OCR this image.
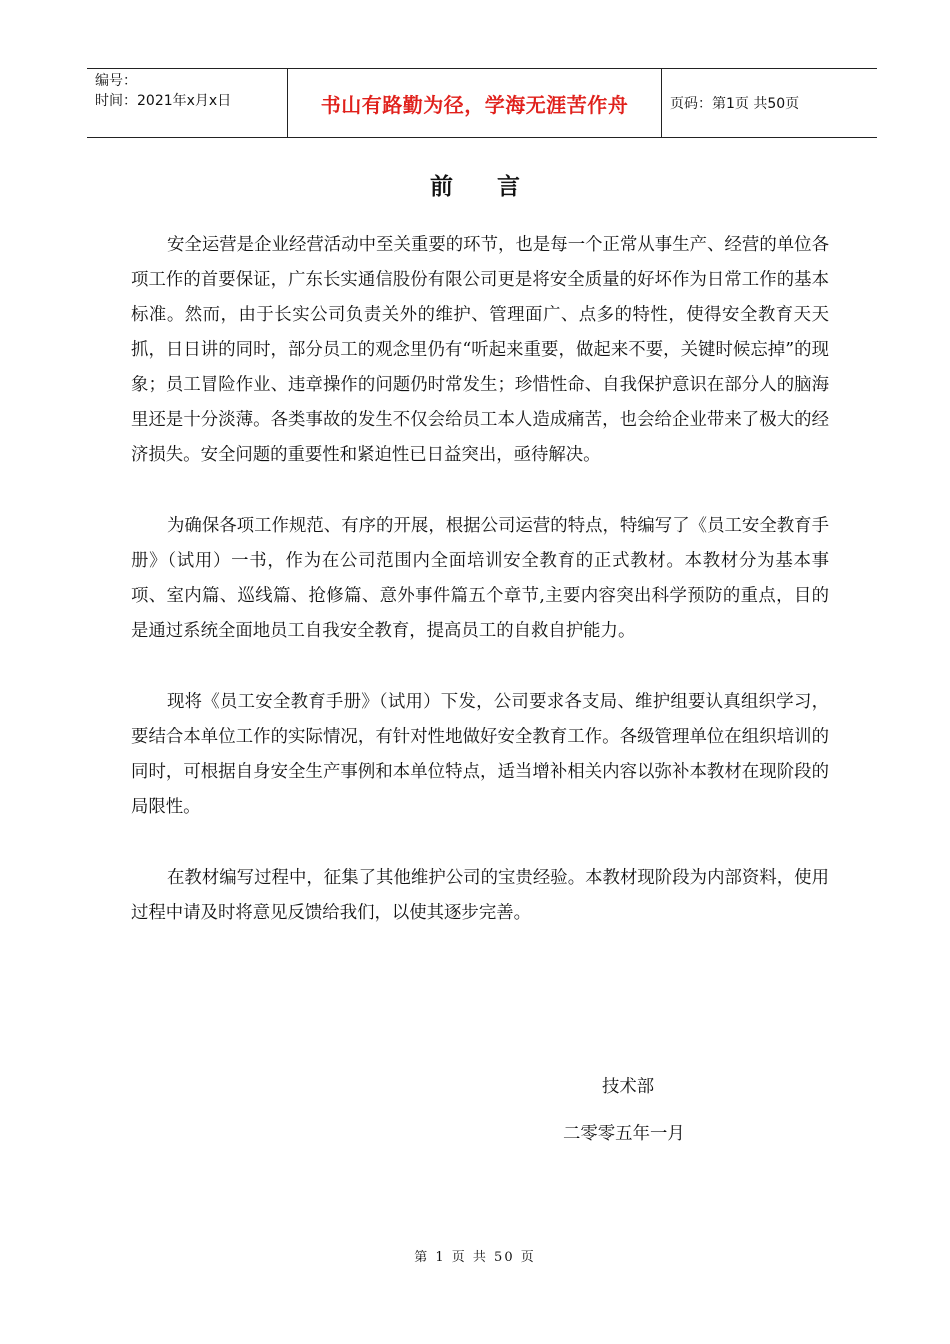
编号：
时间：2021年x月x日	书山有路勤为径，学海无涯苦作舟	页码：第1页 共50页
前言

安全运营是企业经营活动中至关重要的环节，也是每一个正常从事生产、经营的单位各项工作的首要保证，广东长实通信股份有限公司更是将安全质量的好坏作为日常工作的基本标准。然而，由于长实公司负责关外的维护、管理面广、点多的特性，使得安全教育天天抓，日日讲的同时，部分员工的观念里仍有“听起来重要，做起来不要，关键时候忘掉”的现象；员工冒险作业、违章操作的问题仍时常发生；珍惜性命、自我保护意识在部分人的脑海里还是十分淡薄。各类事故的发生不仅会给员工本人造成痛苦，也会给企业带来了极大的经济损失。安全问题的重要性和紧迫性已日益突出，亟待解决。

为确保各项工作规范、有序的开展，根据公司运营的特点，特编写了《员工安全教育手册》（试用）一书，作为在公司范围内全面培训安全教育的正式教材。本教材分为基本事项、室内篇、巡线篇、抢修篇、意外事件篇五个章节,主要内容突出科学预防的重点，目的是通过系统全面地员工自我安全教育，提高员工的自救自护能力。

现将《员工安全教育手册》（试用）下发，公司要求各支局、维护组要认真组织学习，要结合本单位工作的实际情况，有针对性地做好安全教育工作。各级管理单位在组织培训的同时，可根据自身安全生产事例和本单位特点，适当增补相关内容以弥补本教材在现阶段的局限性。

在教材编写过程中，征集了其他维护公司的宝贵经验。本教材现阶段为内部资料，使用过程中请及时将意见反馈给我们，以使其逐步完善。

技术部
二零零五年一月
第 1 页 共 50 页
